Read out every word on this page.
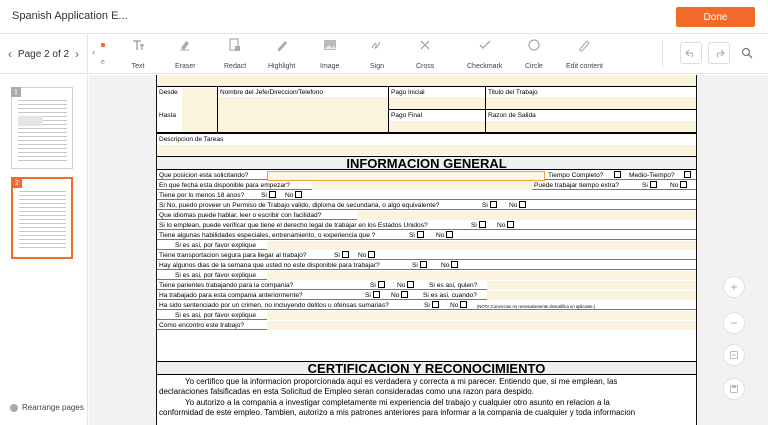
Spanish Application E...	Done
‹ Page 2 of 2 › ‹
e
Text	Eraser	Redact	Highlight	Image	Sign	Cross	Checkmark	Circle	Edit content
1
2
Rearrange pages
Desde	Nombre del Jefe/Direccion/Telefono	Pago Inicial	Titulo del Trabajo
Hasta	Pago Final	Razon de Salida
Descripcion de Tareas
INFORMACION GENERAL
Que posicion esta solicitando?	Tiempo Completo?	Medio-Tiempo?
En que fecha esta disponible para empezar?	Puede trabajar tiempo extra?	Si	No
Tiene por lo menos 18 anos?	Si	No
Si No, puedo proveer un Permiso de Trabajo valido, diploma de secundaria, o algo equivalente?	Si	No
Que idiomas puede hablar, leer o escribir con facilidad?
Si lo emplean, puede verificar que tiene el derecho legal de trabajar en los Estados Unidos?	Si	No
Tiene algunas habilidades especiales, entrenamiento, o experiencia que ?	Si	No
Si es asi, por favor explique
Tiene transportacion segura para llegar al trabajo?	Si	No
Hay algunos dias de la semana que usted no este disponible para trabajar?	Si	No
Si es asi, por favor explique
Tiene parientes trabajando para la compania?	Si	No	Si es asi, quien?
Ha trabajado para esta compania anteriormente?	Si	No	Si es asi, cuando?
Ha sido sentenciado por un crimen, no incluyendo delitos u ofensas sumarias?	Si	No	(NOTA:Conviccion no necesariamente descalifica un aplicante.)
Si es asi, por favor explique
Como encontro este trabajo?
CERTIFICACION Y RECONOCIMIENTO

Yo certifico que la informacion proporcionada aqui es verdadera y correcta a mi parecer. Entiendo que, si me emplean, las

declaraciones falsificadas en esta Solicitud de Empleo seran consideradas como una razon para despido.

Yo autorizo a la compania a investigar completamente mi experiencia del trabajo y cualquier otro asunto en relacion a la

conformidad de este empleo. Tambien, autorizo a mis patrones anteriores para informar a la compania de cualquier y toda informacion

+
−
